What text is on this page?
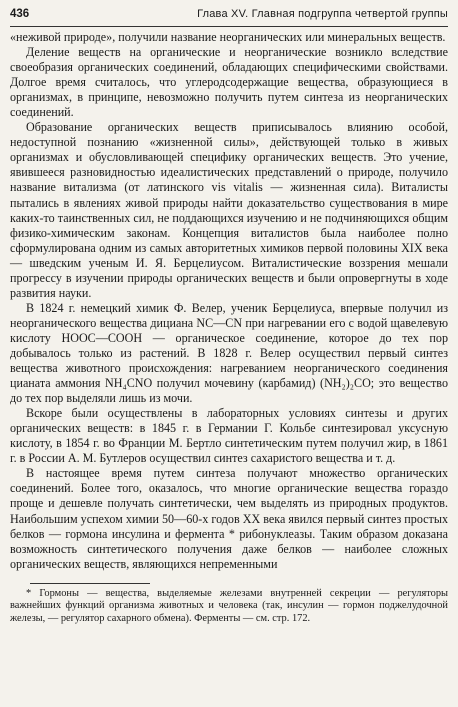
436	Глава XV. Главная подгруппа четвертой группы

«неживой природе», получили название неорганических или минеральных веществ.

Деление веществ на органические и неорганические возникло вследствие своеобразия органических соединений, обладающих специфическими свойствами. Долгое время считалось, что углеродсодержащие вещества, образующиеся в организмах, в принципе, невозможно получить путем синтеза из неорганических соединений.

Образование органических веществ приписывалось влиянию особой, недоступной познанию «жизненной силы», действующей только в живых организмах и обусловливающей специфику органических веществ. Это учение, явившееся разновидностью идеалистических представлений о природе, получило название витализма (от латинского vis vitalis — жизненная сила). Виталисты пытались в явлениях живой природы найти доказательство существования в мире каких-то таинственных сил, не поддающихся изучению и не подчиняющихся общим физико-химическим законам. Концепция виталистов была наиболее полно сформулирована одним из самых авторитетных химиков первой половины XIX века — шведским ученым И. Я. Берцелиусом. Виталистические воззрения мешали прогрессу в изучении природы органических веществ и были опровергнуты в ходе развития науки.

В 1824 г. немецкий химик Ф. Велер, ученик Берцелиуса, впервые получил из неорганического вещества дициана NC—CN при нагревании его с водой щавелевую кислоту HOOC—COOH — органическое соединение, которое до тех пор добывалось только из растений. В 1828 г. Велер осуществил первый синтез вещества животного происхождения: нагреванием неорганического соединения цианата аммония NH₄CNO получил мочевину (карбамид) (NH₂)₂CO; это вещество до тех пор выделяли лишь из мочи.

Вскоре были осуществлены в лабораторных условиях синтезы и других органических веществ: в 1845 г. в Германии Г. Кольбе синтезировал уксусную кислоту, в 1854 г. во Франции М. Бертло синтетическим путем получил жир, в 1861 г. в России А. М. Бутлеров осуществил синтез сахаристого вещества и т. д.

В настоящее время путем синтеза получают множество органических соединений. Более того, оказалось, что многие органические вещества гораздо проще и дешевле получать синтетически, чем выделять из природных продуктов. Наибольшим успехом химии 50—60-х годов XX века явился первый синтез простых белков — гормона инсулина и фермента * рибонуклеазы. Таким образом доказана возможность синтетического получения даже белков — наиболее сложных органических веществ, являющихся непременными

* Гормоны — вещества, выделяемые железами внутренней секреции — регуляторы важнейших функций организма животных и человека (так, инсулин — гормон поджелудочной железы, — регулятор сахарного обмена). Ферменты — см. стр. 172.
